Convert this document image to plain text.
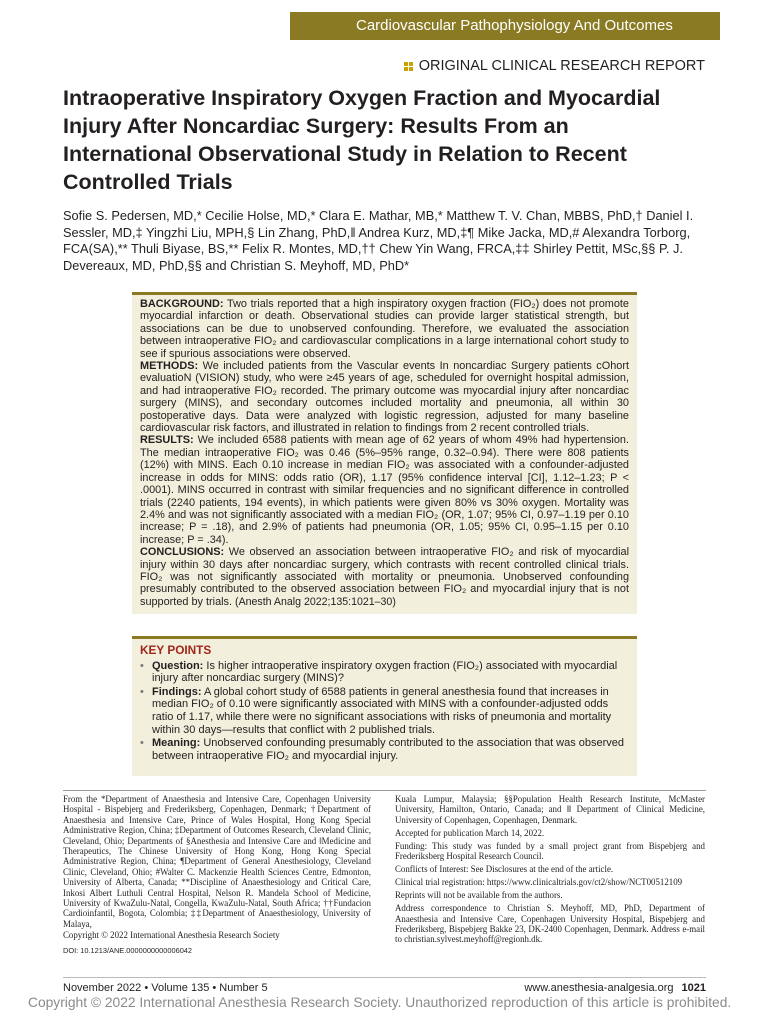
Cardiovascular Pathophysiology And Outcomes
ORIGINAL CLINICAL RESEARCH REPORT
Intraoperative Inspiratory Oxygen Fraction and Myocardial Injury After Noncardiac Surgery: Results From an International Observational Study in Relation to Recent Controlled Trials
Sofie S. Pedersen, MD,* Cecilie Holse, MD,* Clara E. Mathar, MB,* Matthew T. V. Chan, MBBS, PhD,† Daniel I. Sessler, MD,‡ Yingzhi Liu, MPH,§ Lin Zhang, PhD,‖ Andrea Kurz, MD,‡¶ Mike Jacka, MD,# Alexandra Torborg, FCA(SA),** Thuli Biyase, BS,** Felix R. Montes, MD,†† Chew Yin Wang, FRCA,‡‡ Shirley Pettit, MSc,§§ P. J. Devereaux, MD, PhD,§§ and Christian S. Meyhoff, MD, PhD*

BACKGROUND: Two trials reported that a high inspiratory oxygen fraction (FIO₂) does not promote myocardial infarction or death. Observational studies can provide larger statistical strength, but associations can be due to unobserved confounding. Therefore, we evaluated the association between intraoperative FIO₂ and cardiovascular complications in a large international cohort study to see if spurious associations were observed.

METHODS: We included patients from the Vascular events In noncardiac Surgery patients cOhort evaluatioN (VISION) study, who were ≥45 years of age, scheduled for overnight hospital admission, and had intraoperative FIO₂ recorded. The primary outcome was myocardial injury after noncardiac surgery (MINS), and secondary outcomes included mortality and pneumonia, all within 30 postoperative days. Data were analyzed with logistic regression, adjusted for many baseline cardiovascular risk factors, and illustrated in relation to findings from 2 recent controlled trials.

RESULTS: We included 6588 patients with mean age of 62 years of whom 49% had hypertension. The median intraoperative FIO₂ was 0.46 (5%–95% range, 0.32–0.94). There were 808 patients (12%) with MINS. Each 0.10 increase in median FIO₂ was associated with a confounder-adjusted increase in odds for MINS: odds ratio (OR), 1.17 (95% confidence interval [CI], 1.12–1.23; P < .0001). MINS occurred in contrast with similar frequencies and no significant difference in controlled trials (2240 patients, 194 events), in which patients were given 80% vs 30% oxygen. Mortality was 2.4% and was not significantly associated with a median FIO₂ (OR, 1.07; 95% CI, 0.97–1.19 per 0.10 increase; P = .18), and 2.9% of patients had pneumonia (OR, 1.05; 95% CI, 0.95–1.15 per 0.10 increase; P = .34).

CONCLUSIONS: We observed an association between intraoperative FIO₂ and risk of myocardial injury within 30 days after noncardiac surgery, which contrasts with recent controlled clinical trials. FIO₂ was not significantly associated with mortality or pneumonia. Unobserved confounding presumably contributed to the observed association between FIO₂ and myocardial injury that is not supported by trials. (Anesth Analg 2022;135:1021–30)

KEY POINTS
• Question: Is higher intraoperative inspiratory oxygen fraction (FIO₂) associated with myocardial injury after noncardiac surgery (MINS)?
• Findings: A global cohort study of 6588 patients in general anesthesia found that increases in median FIO₂ of 0.10 were significantly associated with MINS with a confounder-adjusted odds ratio of 1.17, while there were no significant associations with risks of pneumonia and mortality within 30 days—results that conflict with 2 published trials.
• Meaning: Unobserved confounding presumably contributed to the association that was observed between intraoperative FIO₂ and myocardial injury.

From the *Department of Anaesthesia and Intensive Care, Copenhagen University Hospital - Bispebjerg and Frederiksberg, Copenhagen, Denmark; †Department of Anaesthesia and Intensive Care, Prince of Wales Hospital, Hong Kong Special Administrative Region, China; ‡Department of Outcomes Research, Cleveland Clinic, Cleveland, Ohio; Departments of §Anesthesia and Intensive Care and ‖Medicine and Therapeutics, The Chinese University of Hong Kong, Hong Kong Special Administrative Region, China; ¶Department of General Anesthesiology, Cleveland Clinic, Cleveland, Ohio; #Walter C. Mackenzie Health Sciences Centre, Edmonton, University of Alberta, Canada; **Discipline of Anaesthesiology and Critical Care, Inkosi Albert Luthuli Central Hospital, Nelson R. Mandela School of Medicine, University of KwaZulu-Natal, Congella, KwaZulu-Natal, South Africa; ††Fundacion Cardioinfantil, Bogota, Colombia; ‡‡Department of Anaesthesiology, University of Malaya,

Copyright © 2022 International Anesthesia Research Society

DOI: 10.1213/ANE.0000000000006042

Kuala Lumpur, Malaysia; §§Population Health Research Institute, McMaster University, Hamilton, Ontario, Canada; and ‖‖ Department of Clinical Medicine, University of Copenhagen, Copenhagen, Denmark.

Accepted for publication March 14, 2022.

Funding: This study was funded by a small project grant from Bispebjerg and Frederiksberg Hospital Research Council.

Conflicts of Interest: See Disclosures at the end of the article.

Clinical trial registration: https://www.clinicaltrials.gov/ct2/show/NCT00512109

Reprints will not be available from the authors.

Address correspondence to Christian S. Meyhoff, MD, PhD, Department of Anaesthesia and Intensive Care, Copenhagen University Hospital, Bispebjerg and Frederiksberg, Bispebjerg Bakke 23, DK-2400 Copenhagen, Denmark. Address e-mail to christian.sylvest.meyhoff@regionh.dk.

November 2022 • Volume 135 • Number 5	www.anesthesia-analgesia.org 1021
Copyright © 2022 International Anesthesia Research Society. Unauthorized reproduction of this article is prohibited.
